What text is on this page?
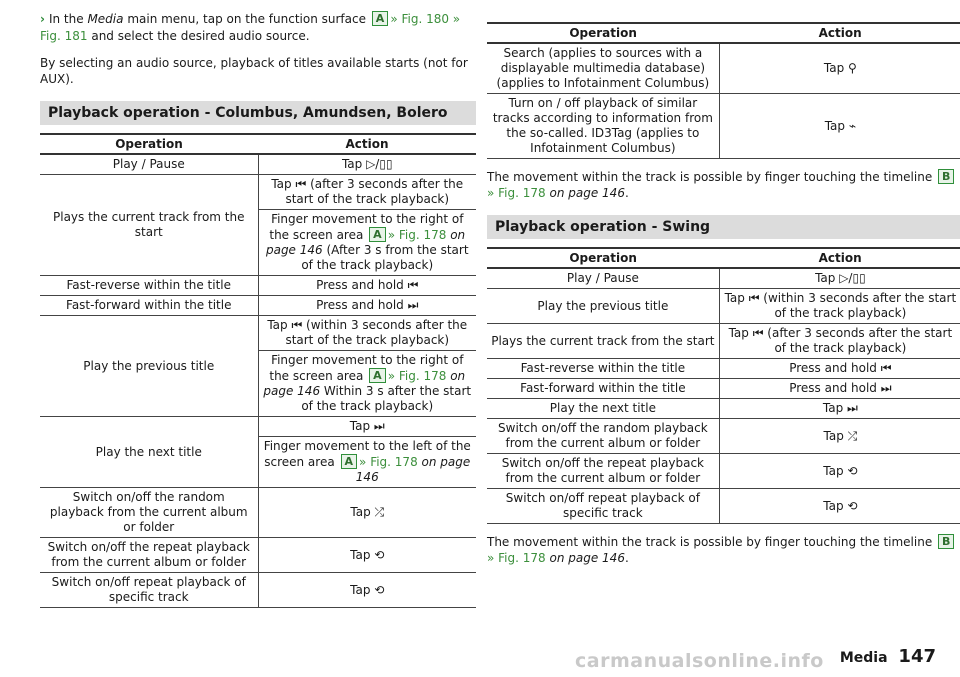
› In the Media main menu, tap on the function surface A » Fig. 180 » Fig. 181 and select the desired audio source.
By selecting an audio source, playback of titles available starts (not for AUX).
Playback operation - Columbus, Amundsen, Bolero
Operation	Action
Play / Pause	Tap ▷/▯▯
Plays the current track from the start	Tap ⏮ (after 3 seconds after the start of the track playback)
	Finger movement to the right of the screen area A » Fig. 178 on page 146 (After 3 s from the start of the track playback)
Fast-reverse within the title	Press and hold ⏮
Fast-forward within the title	Press and hold ⏭
Play the previous title	Tap ⏮ (within 3 seconds after the start of the track playback)
	Finger movement to the right of the screen area A » Fig. 178 on page 146 Within 3 s after the start of the track playback)
Play the next title	Tap ⏭
	Finger movement to the left of the screen area A » Fig. 178 on page 146
Switch on/off the random playback from the current album or folder	Tap ⤮
Switch on/off the repeat playback from the current album or folder	Tap ⟲
Switch on/off repeat playback of specific track	Tap ⟲
Operation	Action
Search (applies to sources with a displayable multimedia database) (applies to Infotainment Columbus)	Tap ⚲
Turn on / off playback of similar tracks according to information from the so-called. ID3Tag (applies to Infotainment Columbus)	Tap ⌁
The movement within the track is possible by finger touching the timeline B
» Fig. 178 on page 146.
Playback operation - Swing
Operation	Action
Play / Pause	Tap ▷/▯▯
Play the previous title	Tap ⏮ (within 3 seconds after the start of the track playback)
Plays the current track from the start	Tap ⏮ (after 3 seconds after the start of the track playback)
Fast-reverse within the title	Press and hold ⏮
Fast-forward within the title	Press and hold ⏭
Play the next title	Tap ⏭
Switch on/off the random playback from the current album or folder	Tap ⤮
Switch on/off the repeat playback from the current album or folder	Tap ⟲
Switch on/off repeat playback of specific track	Tap ⟲
The movement within the track is possible by finger touching the timeline B
» Fig. 178 on page 146.
carmanualsonline.info Media 147
